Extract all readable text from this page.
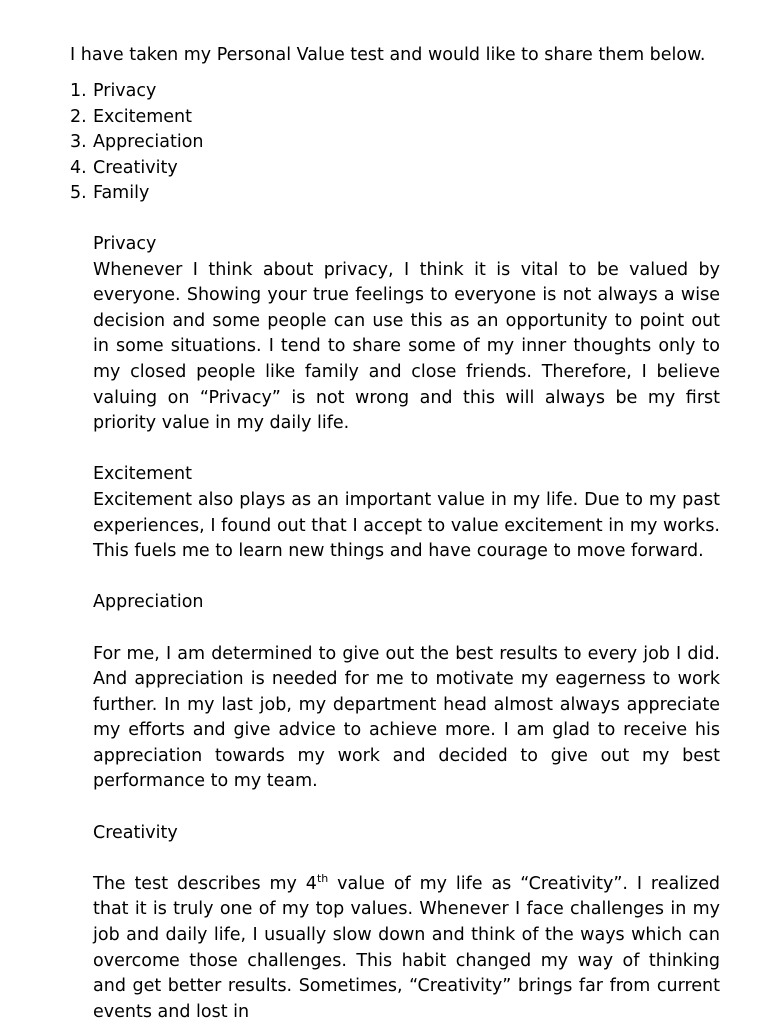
I have taken my Personal Value test and would like to share them below.

1. Privacy
2. Excitement
3. Appreciation
4. Creativity
5. Family

Privacy

Whenever I think about privacy, I think it is vital to be valued by everyone. Showing your true feelings to everyone is not always a wise decision and some people can use this as an opportunity to point out in some situations. I tend to share some of my inner thoughts only to my closed people like family and close friends. Therefore, I believe valuing on “Privacy” is not wrong and this will always be my first priority value in my daily life.

Excitement

Excitement also plays as an important value in my life. Due to my past experiences, I found out that I accept to value excitement in my works. This fuels me to learn new things and have courage to move forward.

Appreciation

For me, I am determined to give out the best results to every job I did. And appreciation is needed for me to motivate my eagerness to work further. In my last job, my department head almost always appreciate my efforts and give advice to achieve more. I am glad to receive his appreciation towards my work and decided to give out my best performance to my team.

Creativity

The test describes my 4th value of my life as “Creativity”. I realized that it is truly one of my top values. Whenever I face challenges in my job and daily life, I usually slow down and think of the ways which can overcome those challenges. This habit changed my way of thinking and get better results. Sometimes, “Creativity” brings far from current events and lost in
